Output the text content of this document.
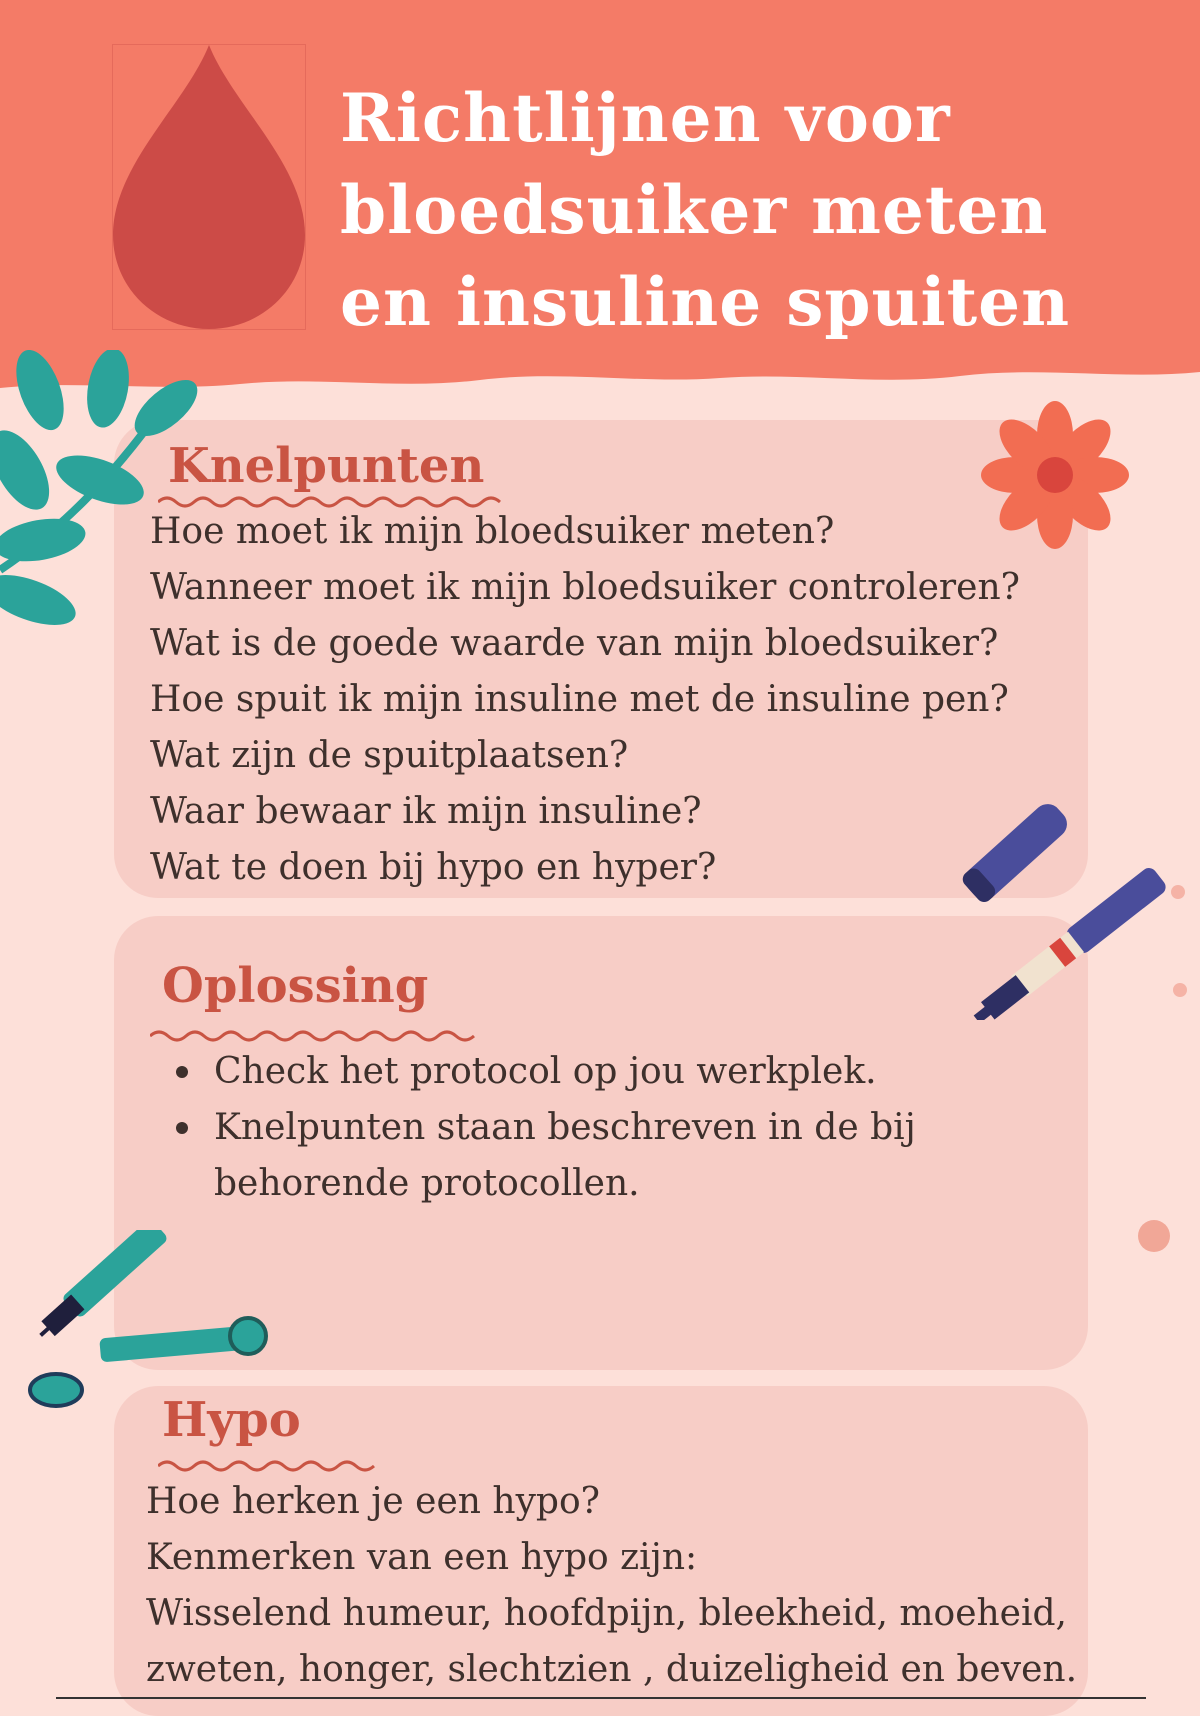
Richtlijnen voor
bloedsuiker meten
en insuline spuiten
Knelpunten
Hoe moet ik mijn bloedsuiker meten?
Wanneer moet ik mijn bloedsuiker controleren?
Wat is de goede waarde van mijn bloedsuiker?
Hoe spuit ik mijn insuline met de insuline pen?
Wat zijn de spuitplaatsen?
Waar bewaar ik mijn insuline?
Wat te doen bij hypo en hyper?
Oplossing
Check het protocol op jou werkplek.
Knelpunten staan beschreven in de bij behorende protocollen.
Hypo
Hoe herken je een hypo?
Kenmerken van een hypo zijn:
Wisselend humeur, hoofdpijn, bleekheid, moeheid,
zweten, honger, slechtzien , duizeligheid en beven.
